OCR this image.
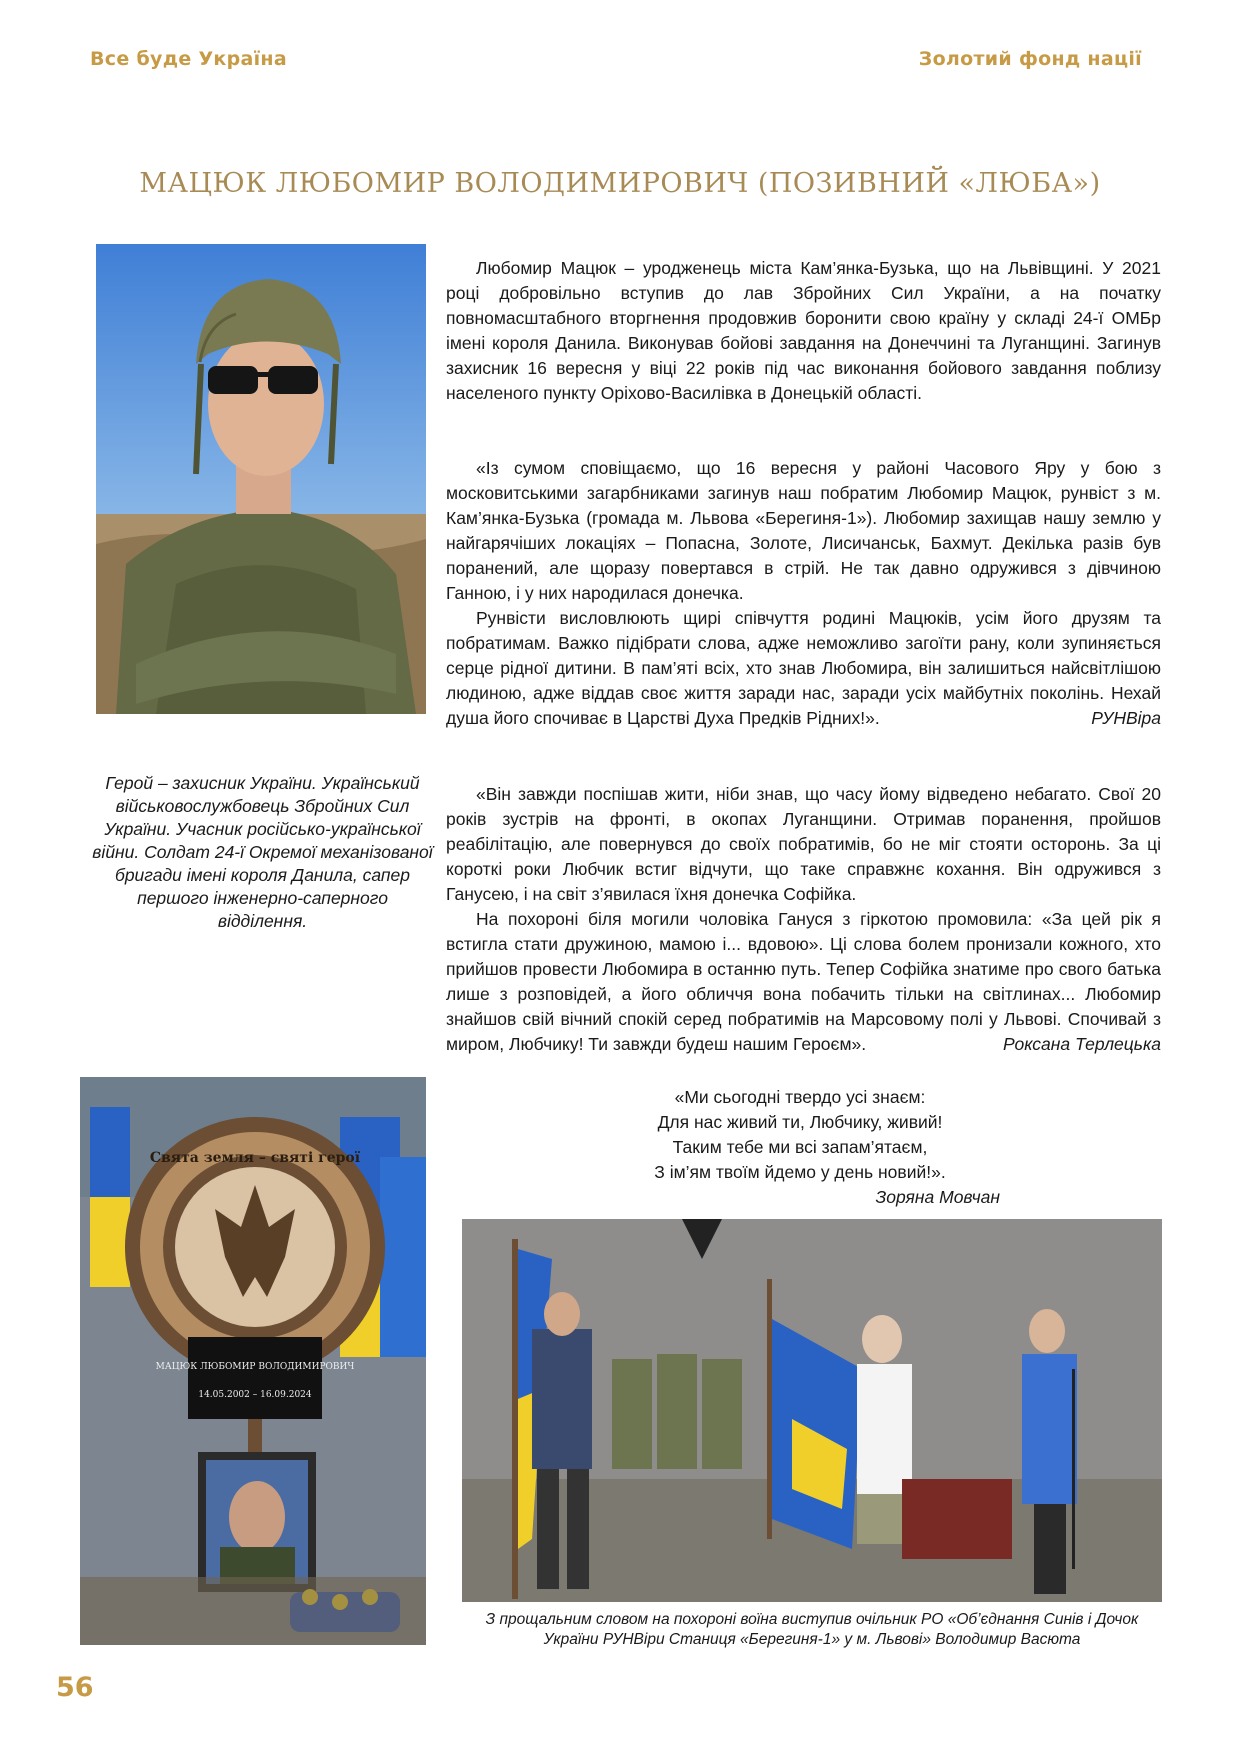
Все буде Україна	Золотий фонд нації
МАЦЮК ЛЮБОМИР ВОЛОДИМИРОВИЧ (ПОЗИВНИЙ «ЛЮБА»)
Герой – захисник України. Український військовослужбовець Збройних Сил України. Учасник російсько-української війни. Солдат 24-ї Окремої механізованої бригади імені короля Данила, сапер першого інженерно-саперного відділення.

Любомир Мацюк – уродженець міста Кам’янка-Бузька, що на Львівщині. У 2021 році добровільно вступив до лав Збройних Сил України, а на початку повномасштабного вторгнення продовжив боронити свою країну у складі 24-ї ОМБр імені короля Данила. Виконував бойові завдання на Донеччині та Луганщині. Загинув захисник 16 вересня у віці 22 років під час виконання бойового завдання поблизу населеного пункту Оріхово-Василівка в Донецькій області.

«Із сумом сповіщаємо, що 16 вересня у районі Часового Яру у бою з московитськими загарбниками загинув наш побратим Любомир Мацюк, рунвіст з м. Кам’янка-Бузька (громада м. Львова «Берегиня-1»). Любомир захищав нашу землю у найгарячіших локаціях – Попасна, Золоте, Лисичанськ, Бахмут. Декілька разів був поранений, але щоразу повертався в стрій. Не так давно одружився з дівчиною Ганною, і у них народилася донечка.

Рунвісти висловлюють щирі співчуття родині Мацюків, усім його друзям та побратимам. Важко підібрати слова, адже неможливо загоїти рану, коли зупиняється серце рідної дитини. В пам’яті всіх, хто знав Любомира, він залишиться найсвітлішою людиною, адже віддав своє життя заради нас, заради усіх майбутніх поколінь. Нехай душа його спочиває в Царстві Духа Предків Рідних!».	РУНВіра

«Він завжди поспішав жити, ніби знав, що часу йому відведено небагато. Свої 20 років зустрів на фронті, в окопах Луганщини. Отримав поранення, пройшов реабілітацію, але повернувся до своїх побратимів, бо не міг стояти осторонь. За ці короткі роки Любчик встиг відчути, що таке справжнє кохання. Він одружився з Ганусею, і на світ з’явилася їхня донечка Софійка.

На похороні біля могили чоловіка Гануся з гіркотою промовила: «За цей рік я встигла стати дружиною, мамою і... вдовою». Ці слова болем пронизали кожного, хто прийшов провести Любомира в останню путь. Тепер Софійка знатиме про свого батька лише з розповідей, а його обличчя вона побачить тільки на світлинах... Любомир знайшов свій вічний спокій серед побратимів на Марсовому полі у Львові. Спочивай з миром, Любчику! Ти завжди будеш нашим Героєм».	Роксана Терлецька
«Ми сьогодні твердо усі знаєм:
Для нас живий ти, Любчику, живий!
Таким тебе ми всі запам’ятаєм,
З ім’ям твоїм йдемо у день новий!».
Зоряна Мовчан
Свята земля – святі герої
МАЦЮК ЛЮБОМИР ВОЛОДИМИРОВИЧ
14.05.2002 – 16.09.2024
З прощальним словом на похороні воїна виступив очільник РО «Об’єднання Синів і Дочок України РУНВіри Станиця «Берегиня-1» у м. Львові» Володимир Васюта
56
